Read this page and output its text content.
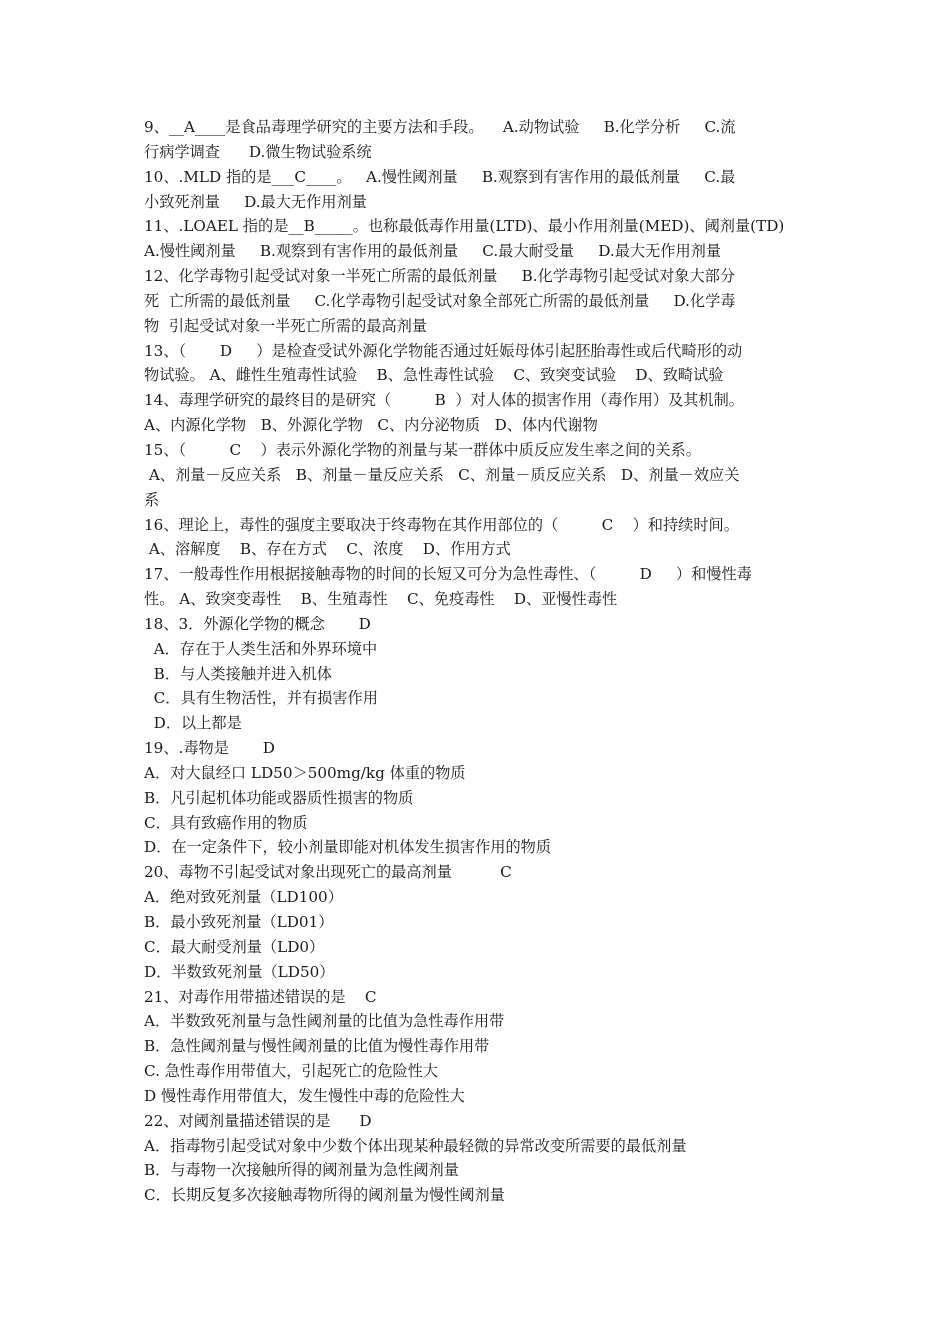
9、__A____是食品毒理学研究的主要方法和手段。    A.动物试验     B.化学分析     C.流
行病学调查      D.微生物试验系统
10、.MLD 指的是___C____。   A.慢性阈剂量     B.观察到有害作用的最低剂量     C.最
小致死剂量     D.最大无作用剂量
11、.LOAEL 指的是__B_____。也称最低毒作用量(LTD)、最小作用剂量(MED)、阈剂量(TD)
A.慢性阈剂量     B.观察到有害作用的最低剂量     C.最大耐受量     D.最大无作用剂量
12、化学毒物引起受试对象一半死亡所需的最低剂量     B.化学毒物引起受试对象大部分
死  亡所需的最低剂量     C.化学毒物引起受试对象全部死亡所需的最低剂量     D.化学毒
物  引起受试对象一半死亡所需的最高剂量
13、（       D     ）是检查受试外源化学物能否通过妊娠母体引起胚胎毒性或后代畸形的动
物试验。 A、雌性生殖毒性试验    B、急性毒性试验    C、致突变试验    D、致畸试验
14、毒理学研究的最终目的是研究（         B  ）对人体的损害作用（毒作用）及其机制。
A、内源化学物   B、外源化学物   C、内分泌物质   D、体内代谢物
15、（         C    ）表示外源化学物的剂量与某一群体中质反应发生率之间的关系。
A、剂量－反应关系   B、剂量－量反应关系   C、剂量－质反应关系   D、剂量－效应关
系
16、理论上，毒性的强度主要取决于终毒物在其作用部位的（         C    ）和持续时间。
A、溶解度    B、存在方式    C、浓度    D、作用方式
17、一般毒性作用根据接触毒物的时间的长短又可分为急性毒性、（         D     ）和慢性毒
性。 A、致突变毒性    B、生殖毒性    C、免疫毒性    D、亚慢性毒性
18、3．外源化学物的概念       D
A．存在于人类生活和外界环境中
B．与人类接触并进入机体
C．具有生物活性，并有损害作用
D．以上都是
19、.毒物是       D
A．对大鼠经口 LD50＞500mg/kg 体重的物质
B．凡引起机体功能或器质性损害的物质
C．具有致癌作用的物质
D．在一定条件下，较小剂量即能对机体发生损害作用的物质
20、毒物不引起受试对象出现死亡的最高剂量          C
A．绝对致死剂量（LD100）
B．最小致死剂量（LD01）
C．最大耐受剂量（LD0）
D．半数致死剂量（LD50）
21、对毒作用带描述错误的是    C
A．半数致死剂量与急性阈剂量的比值为急性毒作用带
B．急性阈剂量与慢性阈剂量的比值为慢性毒作用带
C. 急性毒作用带值大，引起死亡的危险性大
D 慢性毒作用带值大，发生慢性中毒的危险性大
22、对阈剂量描述错误的是      D
A．指毒物引起受试对象中少数个体出现某种最轻微的异常改变所需要的最低剂量
B．与毒物一次接触所得的阈剂量为急性阈剂量
C．长期反复多次接触毒物所得的阈剂量为慢性阈剂量
